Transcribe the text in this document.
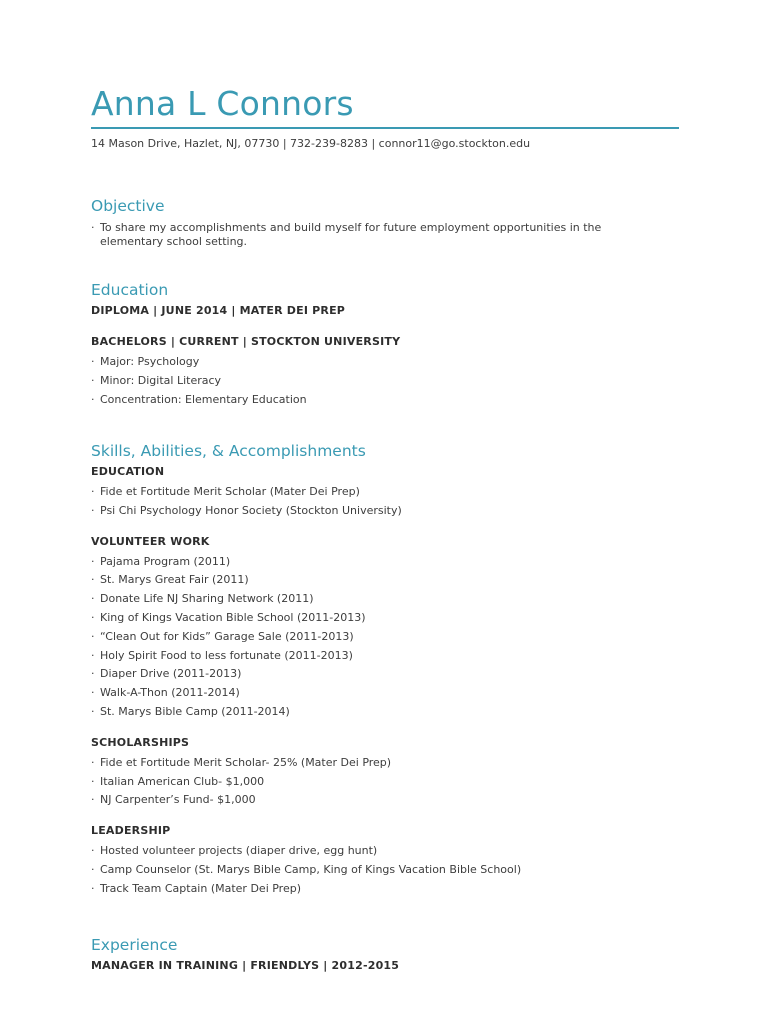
Anna L Connors
14 Mason Drive, Hazlet, NJ, 07730 | 732-239-8283 | connor11@go.stockton.edu
Objective
· To share my accomplishments and build myself for future employment opportunities in the elementary school setting.
Education

DIPLOMA | JUNE 2014 | MATER DEI PREP

BACHELORS | CURRENT | STOCKTON UNIVERSITY

· Major: Psychology
· Minor: Digital Literacy
· Concentration: Elementary Education
Skills, Abilities, & Accomplishments

EDUCATION

· Fide et Fortitude Merit Scholar (Mater Dei Prep)
· Psi Chi Psychology Honor Society (Stockton University)

VOLUNTEER WORK

· Pajama Program (2011)
· St. Marys Great Fair (2011)
· Donate Life NJ Sharing Network (2011)
· King of Kings Vacation Bible School (2011-2013)
· “Clean Out for Kids” Garage Sale (2011-2013)
· Holy Spirit Food to less fortunate (2011-2013)
· Diaper Drive (2011-2013)
· Walk-A-Thon (2011-2014)
· St. Marys Bible Camp (2011-2014)

SCHOLARSHIPS

· Fide et Fortitude Merit Scholar- 25% (Mater Dei Prep)
· Italian American Club- $1,000
· NJ Carpenter’s Fund- $1,000

LEADERSHIP

· Hosted volunteer projects (diaper drive, egg hunt)
· Camp Counselor (St. Marys Bible Camp, King of Kings Vacation Bible School)
· Track Team Captain (Mater Dei Prep)
Experience

MANAGER IN TRAINING | FRIENDLYS | 2012-2015
